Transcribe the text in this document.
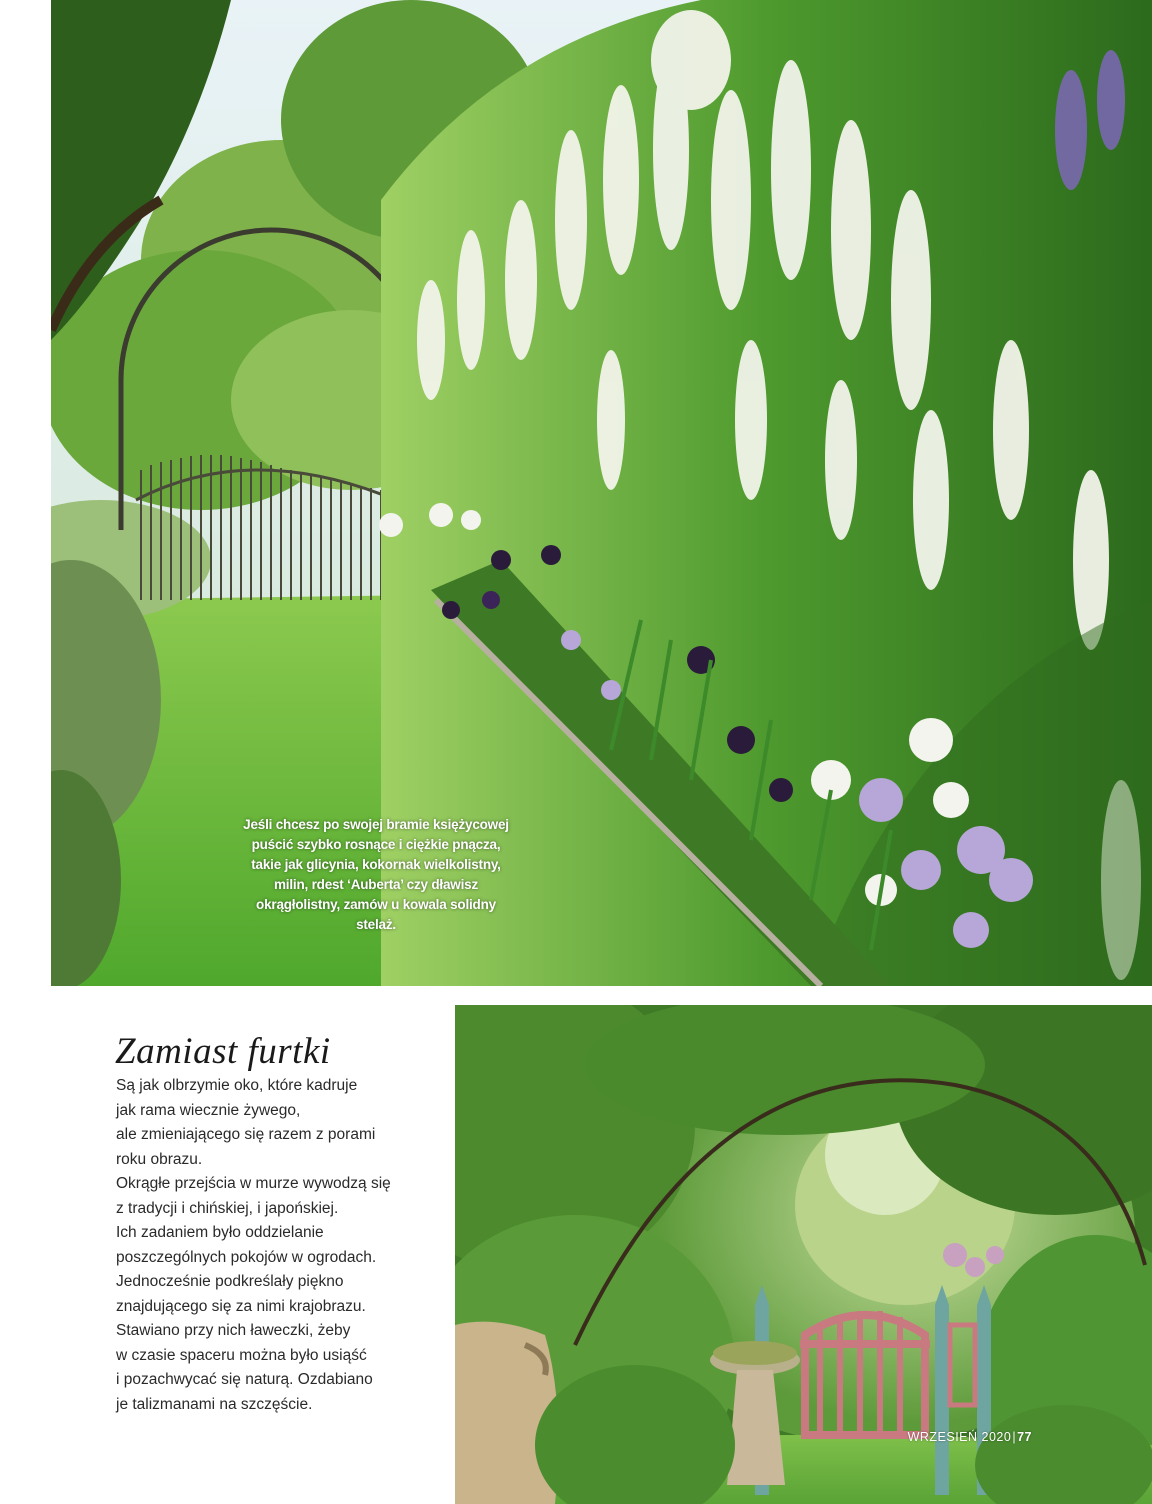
Jeśli chcesz po swojej bramie księżycowej
puścić szybko rosnące i ciężkie pnącza,
takie jak glicynia, kokornak wielkolistny,
milin, rdest ‘Auberta’ czy dławisz
okrągłolistny, zamów u kowala solidny
stelaż.
Zamiast furtki
Są jak olbrzymie oko, które kadruje
jak rama wiecznie żywego,
ale zmieniającego się razem z porami
roku obrazu.
Okrągłe przejścia w murze wywodzą się
z tradycji i chińskiej, i japońskiej.
Ich zadaniem było oddzielanie
poszczególnych pokojów w ogrodach.
Jednocześnie podkreślały piękno
znajdującego się za nimi krajobrazu.
Stawiano przy nich ławeczki, żeby
w czasie spaceru można było usiąść
i pozachwycać się naturą. Ozdabiano
je talizmanami na szczęście.
WRZESIEŃ 2020|77
